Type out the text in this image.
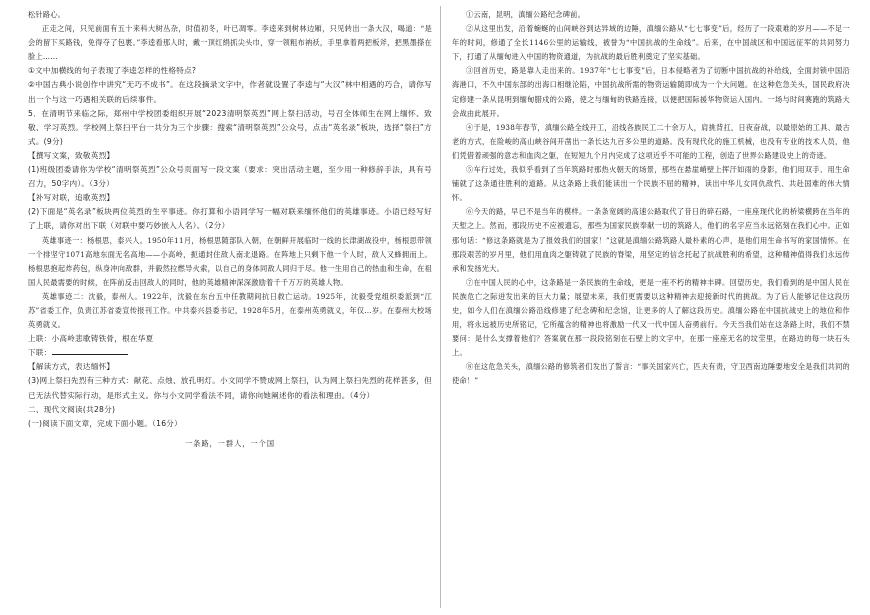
松针路心。

正走之间，只见前面有五十来科大树丛杂，时值初冬，叶已凋零。李逵来到树林边厢，只见转出一条大汉，喝道：“是会的留下买路钱，免得夺了包裹。”李逵看那人时，戴一顶红绢抓尖头巾，穿一领粗布衲袄，手里拿着两把板斧，把黑墨搽在脸上……

①文中加横线的句子表现了李逵怎样的性格特点?

②中国古典小说创作中讲究“无巧不成书”。在这段摘录文字中，作者就设置了李逵与“大汉”林中相遇的巧合，请你写出一个与这一巧遇相关联的后续事件。

5．在清明节来临之际，郑州中学校团委组织开展“2023清明祭英烈”网上祭扫活动，号召全体师生在网上缅怀、致敬、学习英烈。学校网上祭扫平台一共分为三个步骤：搜索“清明祭英烈”公众号，点击“英名录”板块，选择“祭扫”方式。(9分)

【撰写文案，致敬英烈】

(1)班级团委请你为学校“清明祭英烈”公众号页面写一段文案（要求：突出活动主题，至少用一种修辞手法，具有号召力，50字内）。（3分）

【补写对联，追歌英烈】

(2)下面是“英名录”板块两位英烈的生平事迹。你打算和小语同学写一幅对联来缅怀他们的英雄事迹。小语已经写好了上联，请你对出下联（对联中要巧妙嵌入人名）。（2分）

英雄事迹一：杨根思，泰兴人。1950年11月，杨根思随部队入朝，在朝鲜开展临时一线的长津湖战役中，杨根思带领一个排坚守1071高地东面无名高地——小高岭，扼通封住敌人南北退路。在阵地上只剩下他一个人时，敌人又蜂拥而上。杨根思抱起炸药包，纵身冲向敌群，并毅然拉燃导火索，以自己的身体同敌人同归于尽。他一生用自己的热血和生命，在祖国人民最需要的时候，在阵前反击回敌人的同时，他的英雄精神深深激励着千千万万的英雄人物。

英雄事迹二：沈毅，泰州人。1922年，沈毅在东台五中任教期间抗日救亡运动。1925年，沈毅受党组织委派到“江苏”省委工作，负责江苏省委宣传报刊工作。中共泰兴县委书记，1928年5月，在泰州英勇就义，年仅…岁。在泰州大校场英勇就义。

上联：小高岭悲歌铸铁骨，根在华夏

下联：

【解读方式，表达缅怀】

(3)网上祭扫先烈有三种方式：献花、点烛、放孔明灯。小文同学不赞成网上祭扫，认为网上祭扫先烈的花样甚多，但已无法代替实际行动，是形式主义。你与小文同学看法不同，请你向她阐述你的看法和理由。（4分）

二、现代文阅读(共28分)

(一)阅读下面文章，完成下面小题。（16分）

一条路，一群人，一个国

①云南，昆明，滇缅公路纪念碑前。

②从这里出发，沿着蜿蜒的山间峡谷到达异域的边陲，滇缅公路从“七七事变”后，经历了一段艰难的岁月——不足一年的时间，修通了全长1146公里的运输线，被誉为“中国抗战的生命线”。后来，在中国战区和中国远征军的共同努力下，打通了从缅甸进入中国的物资通道，为抗战的最后胜利奠定了坚实基础。

③回首历史，路是靠人走出来的。1937年“七七事变”后，日本侵略者为了切断中国抗战的补给线，全面封锁中国沿海港口，不久中国东部的出海口相继沦陷，中国抗战所需的物资运输随即成为一个大问题。在这种危急关头，国民政府决定修建一条从昆明到缅甸腊戍的公路，使之与缅甸的铁路连接，以便把国际援华物资运入国内。一场与时间赛跑的筑路大会战由此展开。

④于是，1938年春节，滇缅公路全线开工，沿线各族民工二十余万人，肩挑背扛，日夜奋战，以最原始的工具、最古老的方式，在险峻的高山峡谷间开凿出一条长达九百多公里的道路。没有现代化的施工机械，也没有专业的技术人员，他们凭借着顽强的意志和血肉之躯，在短短九个月内完成了这项近乎不可能的工程，创造了世界公路建设史上的奇迹。

⑤车行过处，我似乎看到了当年筑路时那热火朝天的场景，那些在悬崖峭壁上挥汗如雨的身影，他们用双手、用生命铺就了这条通往胜利的道路。从这条路上我们能读出一个民族不屈的精神，读出中华儿女同仇敌忾、共赴国难的伟大情怀。

⑥今天的路，早已不是当年的模样。一条条宽阔的高速公路取代了昔日的碎石路，一座座现代化的桥梁横跨在当年的天堑之上。然而，那段历史不应被遗忘，那些为国家民族奉献一切的筑路人，他们的名字应当永远铭刻在我们心中。正如那句话：“修这条路就是为了报效我们的国家！”这就是滇缅公路筑路人最朴素的心声，是他们用生命书写的家国情怀。在那段艰苦的岁月里，他们用血肉之躯铸就了民族的脊梁，用坚定的信念托起了抗战胜利的希望，这种精神值得我们永远传承和发扬光大。

⑦在中国人民的心中，这条路是一条民族的生命线，更是一座不朽的精神丰碑。回望历史，我们看到的是中国人民在民族危亡之际迸发出来的巨大力量；展望未来，我们更需要以这种精神去迎接新时代的挑战。为了后人能够记住这段历史，如今人们在滇缅公路沿线修建了纪念碑和纪念馆，让更多的人了解这段历史。滇缅公路在中国抗战史上的地位和作用，将永远被历史所铭记，它所蕴含的精神也将激励一代又一代中国人奋勇前行。今天当我们站在这条路上时，我们不禁要问：是什么支撑着他们？答案就在那一段段铭刻在石壁上的文字中，在那一座座无名的坟茔里，在路边的每一块石头上。

⑧在这危急关头，滇缅公路的修筑者们发出了誓言：“事关国家兴亡，匹夫有责，守卫西南边陲要地安全是我们共同的使命！”
